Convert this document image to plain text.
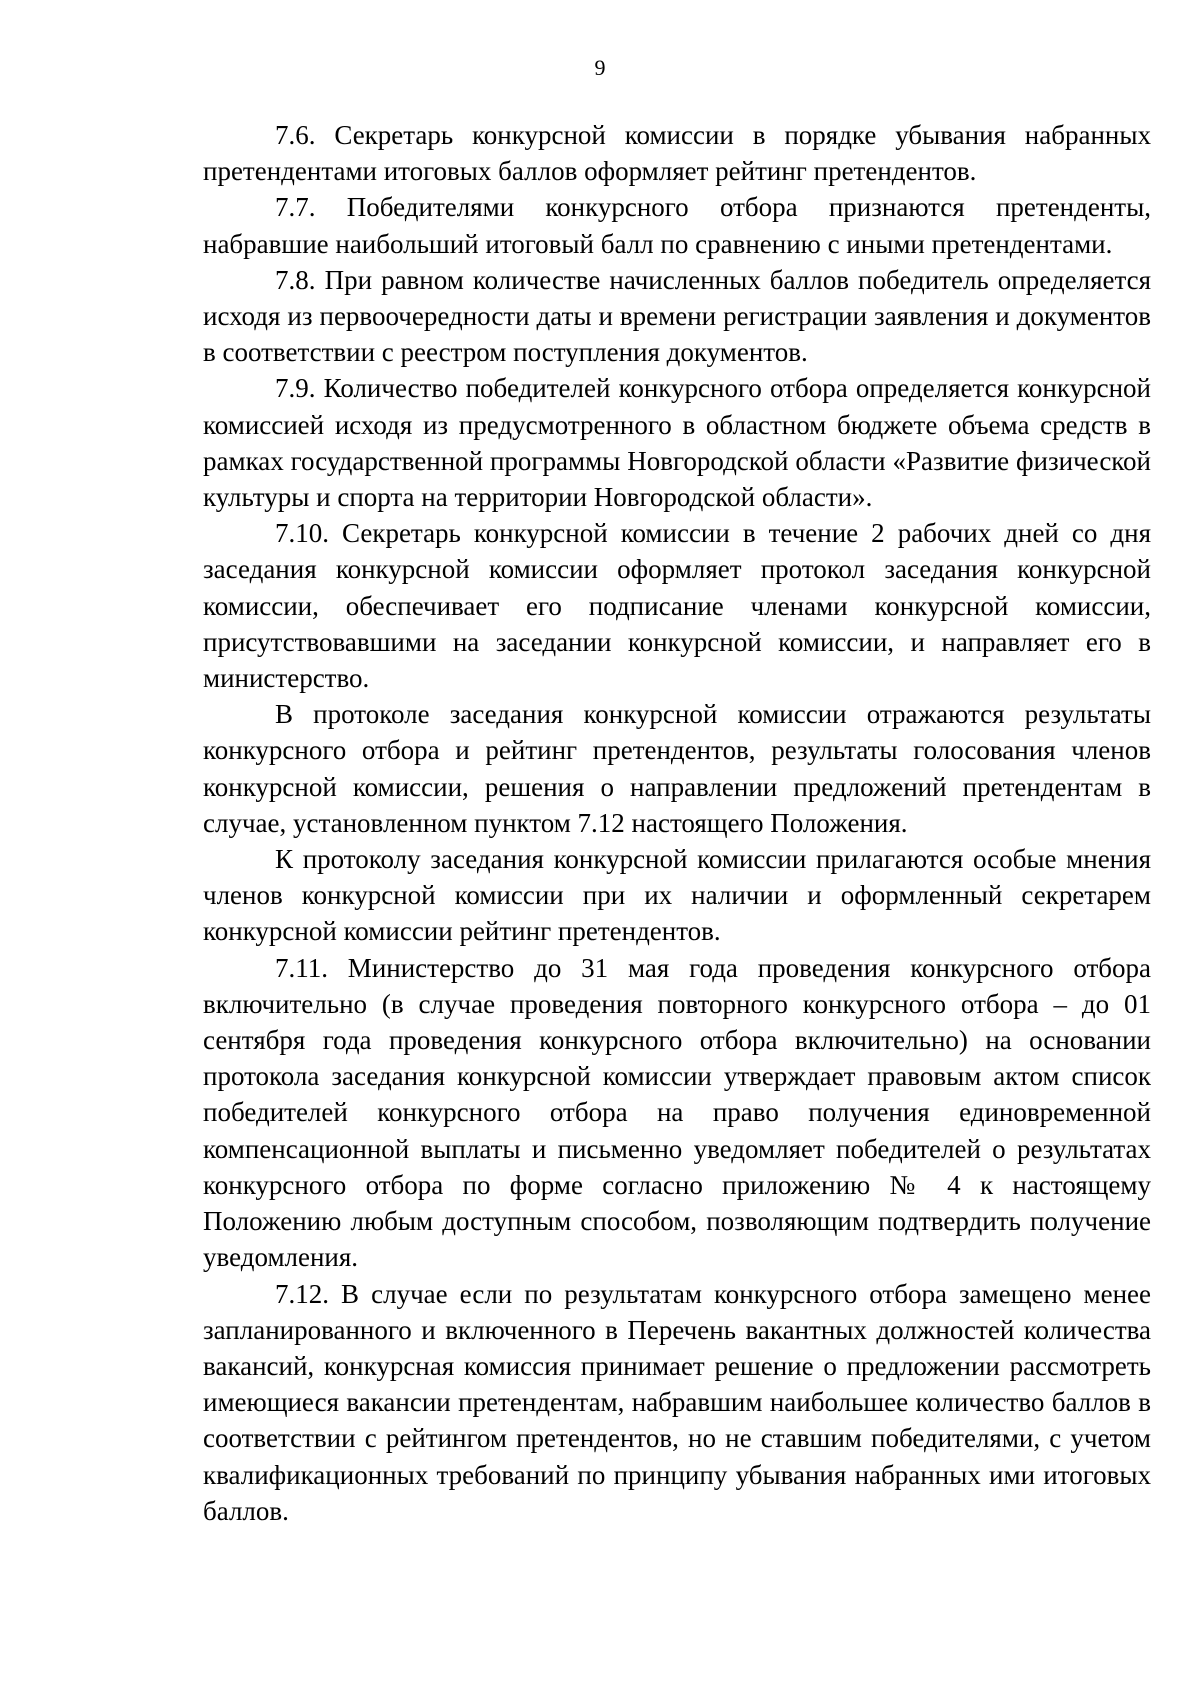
9

7.6. Секретарь конкурсной комиссии в порядке убывания набранных претендентами итоговых баллов оформляет рейтинг претендентов.

7.7. Победителями конкурсного отбора признаются претенденты, набравшие наибольший итоговый балл по сравнению с иными претендентами.

7.8. При равном количестве начисленных баллов победитель определяется исходя из первоочередности даты и времени регистрации заявления и документов в соответствии с реестром поступления документов.

7.9. Количество победителей конкурсного отбора определяется конкурсной комиссией исходя из предусмотренного в областном бюджете объема средств в рамках государственной программы Новгородской области «Развитие физической культуры и спорта на территории Новгородской области».

7.10. Секретарь конкурсной комиссии в течение 2 рабочих дней со дня заседания конкурсной комиссии оформляет протокол заседания конкурсной комиссии, обеспечивает его подписание членами конкурсной комиссии, присутствовавшими на заседании конкурсной комиссии, и направляет его в министерство.

В протоколе заседания конкурсной комиссии отражаются результаты конкурсного отбора и рейтинг претендентов, результаты голосования членов конкурсной комиссии, решения о направлении предложений претендентам в случае, установленном пунктом 7.12 настоящего Положения.

К протоколу заседания конкурсной комиссии прилагаются особые мнения членов конкурсной комиссии при их наличии и оформленный секретарем конкурсной комиссии рейтинг претендентов.

7.11. Министерство до 31 мая года проведения конкурсного отбора включительно (в случае проведения повторного конкурсного отбора – до 01 сентября года проведения конкурсного отбора включительно) на основании протокола заседания конкурсной комиссии утверждает правовым актом список победителей конкурсного отбора на право получения единовременной компенсационной выплаты и письменно уведомляет победителей о результатах конкурсного отбора по форме согласно приложению № 4 к настоящему Положению любым доступным способом, позволяющим подтвердить получение уведомления.

7.12. В случае если по результатам конкурсного отбора замещено менее запланированного и включенного в Перечень вакантных должностей количества вакансий, конкурсная комиссия принимает решение о предложении рассмотреть имеющиеся вакансии претендентам, набравшим наибольшее количество баллов в соответствии с рейтингом претендентов, но не ставшим победителями, с учетом квалификационных требований по принципу убывания набранных ими итоговых баллов.
